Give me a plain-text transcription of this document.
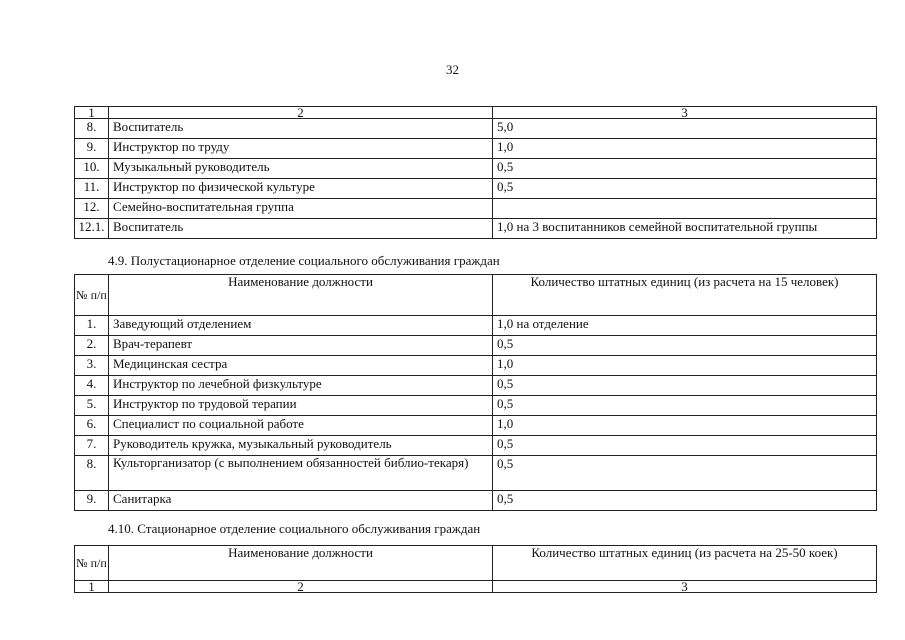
32
1	2	3
8.	Воспитатель	5,0
9.	Инструктор по труду	1,0
10.	Музыкальный руководитель	0,5
11.	Инструктор по физической культуре	0,5
12.	Семейно-воспитательная группа	
12.1.	Воспитатель	1,0 на 3 воспитанников семейной воспитательной группы
4.9. Полустационарное отделение социального обслуживания граждан
№ п/п	Наименование должности	Количество штатных единиц (из расчета на 15 человек)

1.	Заведующий отделением	1,0 на отделение
2.	Врач-терапевт	0,5
3.	Медицинская сестра	1,0
4.	Инструктор по лечебной физкультуре	0,5
5.	Инструктор по трудовой терапии	0,5
6.	Специалист по социальной работе	1,0
7.	Руководитель кружка, музыкальный руководитель	0,5
8.	Культорганизатор (с выполнением обязанностей библио-текаря)	0,5
9.	Санитарка	0,5
4.10. Стационарное отделение социального обслуживания граждан
№ п/п	Наименование должности	Количество штатных единиц (из расчета на 25-50 коек)

1	2	3
